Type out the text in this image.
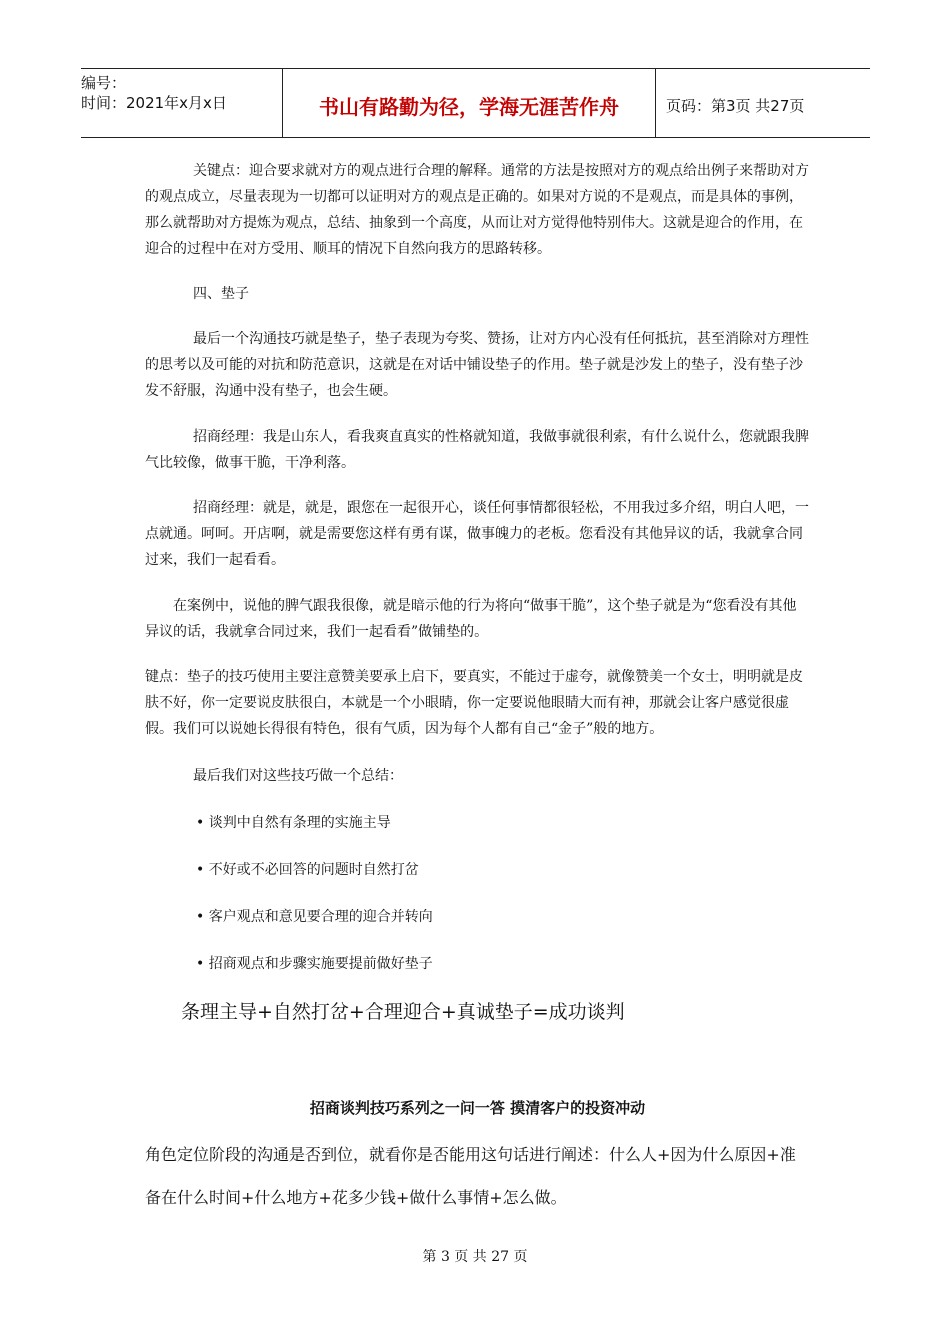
编号：
时间：2021年x月x日	书山有路勤为径，学海无涯苦作舟	页码：第3页 共27页

关键点：迎合要求就对方的观点进行合理的解释。通常的方法是按照对方的观点给出例子来帮助对方的观点成立，尽量表现为一切都可以证明对方的观点是正确的。如果对方说的不是观点，而是具体的事例，那么就帮助对方提炼为观点，总结、抽象到一个高度，从而让对方觉得他特别伟大。这就是迎合的作用，在迎合的过程中在对方受用、顺耳的情况下自然向我方的思路转移。

四、垫子

最后一个沟通技巧就是垫子，垫子表现为夸奖、赞扬，让对方内心没有任何抵抗，甚至消除对方理性的思考以及可能的对抗和防范意识，这就是在对话中铺设垫子的作用。垫子就是沙发上的垫子，没有垫子沙发不舒服，沟通中没有垫子，也会生硬。

招商经理：我是山东人，看我爽直真实的性格就知道，我做事就很利索，有什么说什么，您就跟我脾气比较像，做事干脆，干净利落。

招商经理：就是，就是，跟您在一起很开心，谈任何事情都很轻松，不用我过多介绍，明白人吧，一点就通。呵呵。开店啊，就是需要您这样有勇有谋，做事魄力的老板。您看没有其他异议的话，我就拿合同过来，我们一起看看。

在案例中，说他的脾气跟我很像，就是暗示他的行为将向“做事干脆”，这个垫子就是为“您看没有其他异议的话，我就拿合同过来，我们一起看看”做铺垫的。

键点：垫子的技巧使用主要注意赞美要承上启下，要真实，不能过于虚夸，就像赞美一个女士，明明就是皮肤不好，你一定要说皮肤很白，本就是一个小眼睛，你一定要说他眼睛大而有神，那就会让客户感觉很虚假。我们可以说她长得很有特色，很有气质，因为每个人都有自己“金子”般的地方。

最后我们对这些技巧做一个总结：

• 谈判中自然有条理的实施主导

• 不好或不必回答的问题时自然打岔

• 客户观点和意见要合理的迎合并转向

• 招商观点和步骤实施要提前做好垫子

条理主导+自然打岔+合理迎合+真诚垫子=成功谈判

招商谈判技巧系列之一问一答 摸清客户的投资冲动

角色定位阶段的沟通是否到位，就看你是否能用这句话进行阐述：什么人+因为什么原因+准

备在什么时间+什么地方+花多少钱+做什么事情+怎么做。

第 3 页 共 27 页
